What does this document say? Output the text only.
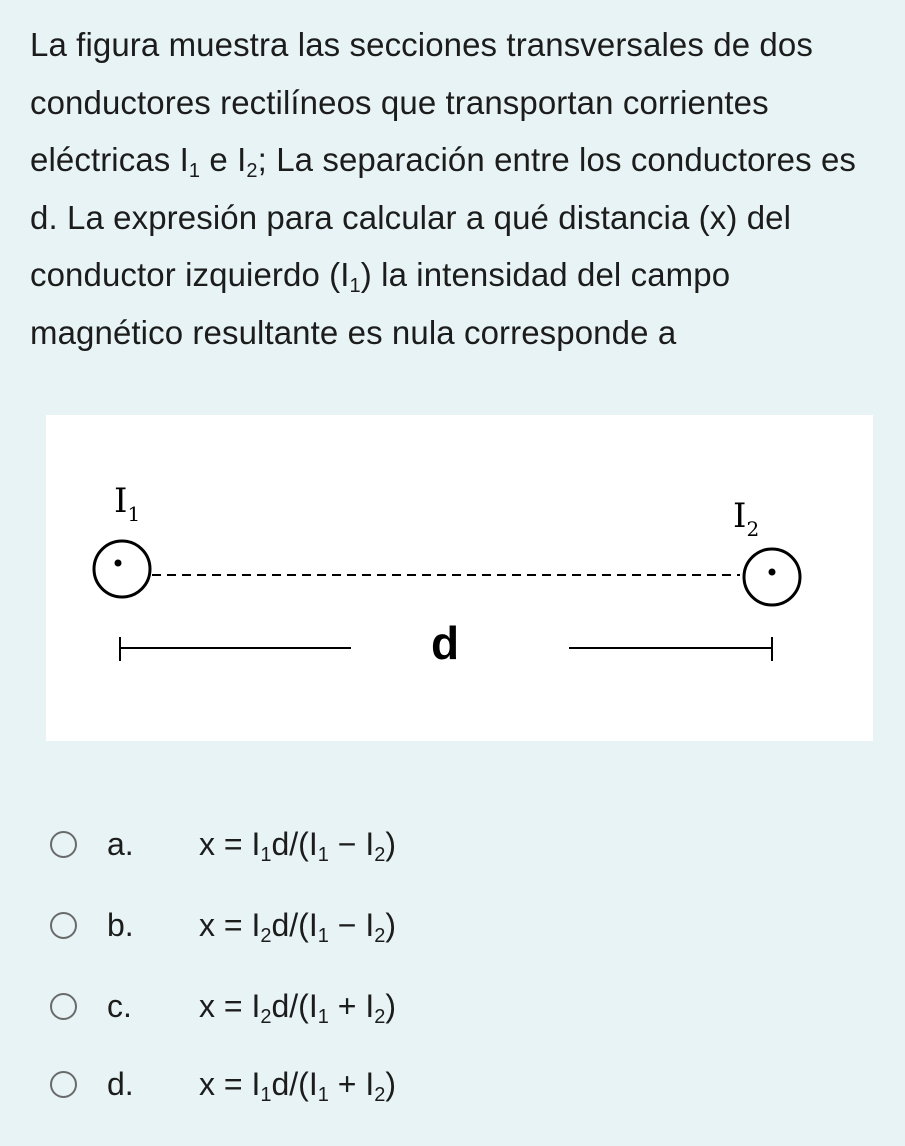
La figura muestra las secciones transversales de dos conductores rectilíneos que transportan corrientes eléctricas $I_1$ e $I_2$; La separación entre los conductores es d. La expresión para calcular a qué distancia (x) del conductor izquierdo $(I_1)$ la intensidad del campo magnético resultante es nula corresponde a
$I_1$	$I_2$
d
a.	$x = I_1d/(I_1 - I_2)$
b.	$x = I_2d/(I_1 - I_2)$
c.	$x = I_2d/(I_1 + I_2)$
d.	$x = I_1d/(I_1 + I_2)$
